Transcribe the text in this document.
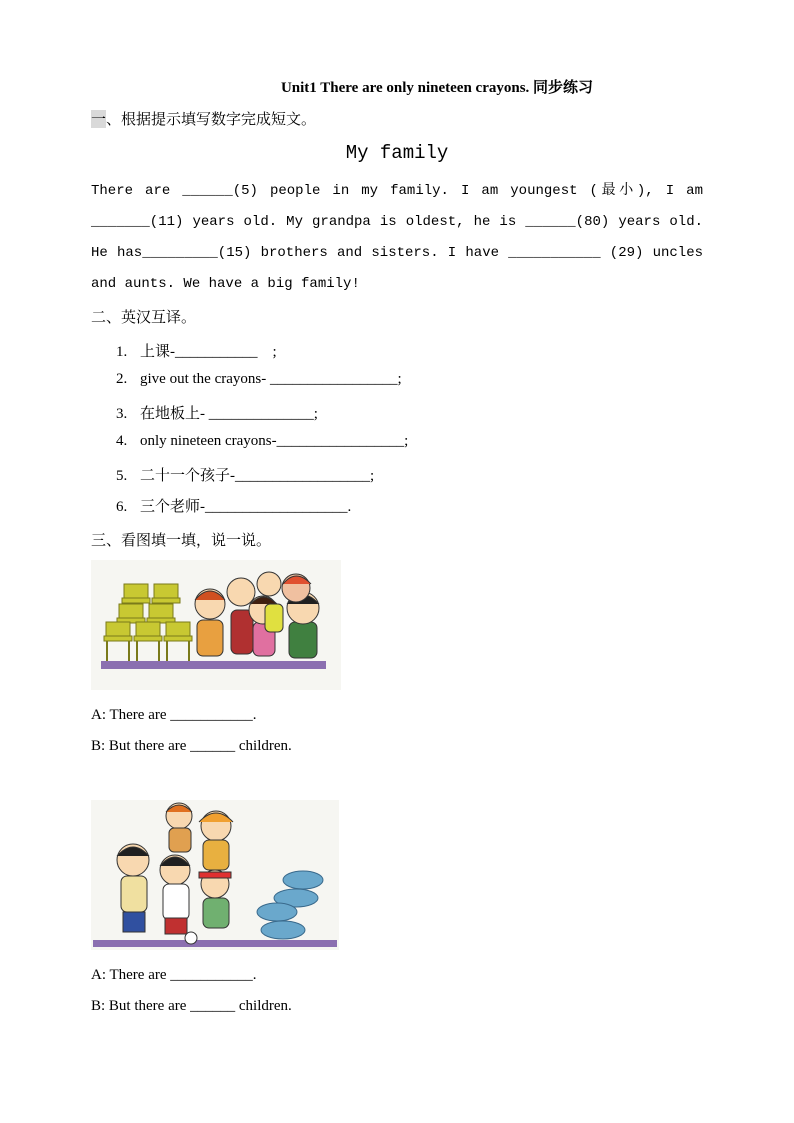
Unit1 There are only nineteen crayons. 同步练习
一、根据提示填写数字完成短文。
My family
There are ______(5) people in my family. I am youngest (最小), I am _______(11) years old. My grandpa is oldest, he is ______(80) years old. He has_________(15) brothers and sisters. I have ___________ (29) uncles and aunts. We have a big family!
二、英汉互译。
1. 上课-___________　;
2. give out the crayons- _________________;
3. 在地板上- ______________;
4. only nineteen crayons-_________________;
5. 二十一个孩子-__________________;
6. 三个老师-___________________.
三、看图填一填，说一说。
A: There are ___________.
B: But there are ______ children.
A: There are ___________.
B: But there are ______ children.
